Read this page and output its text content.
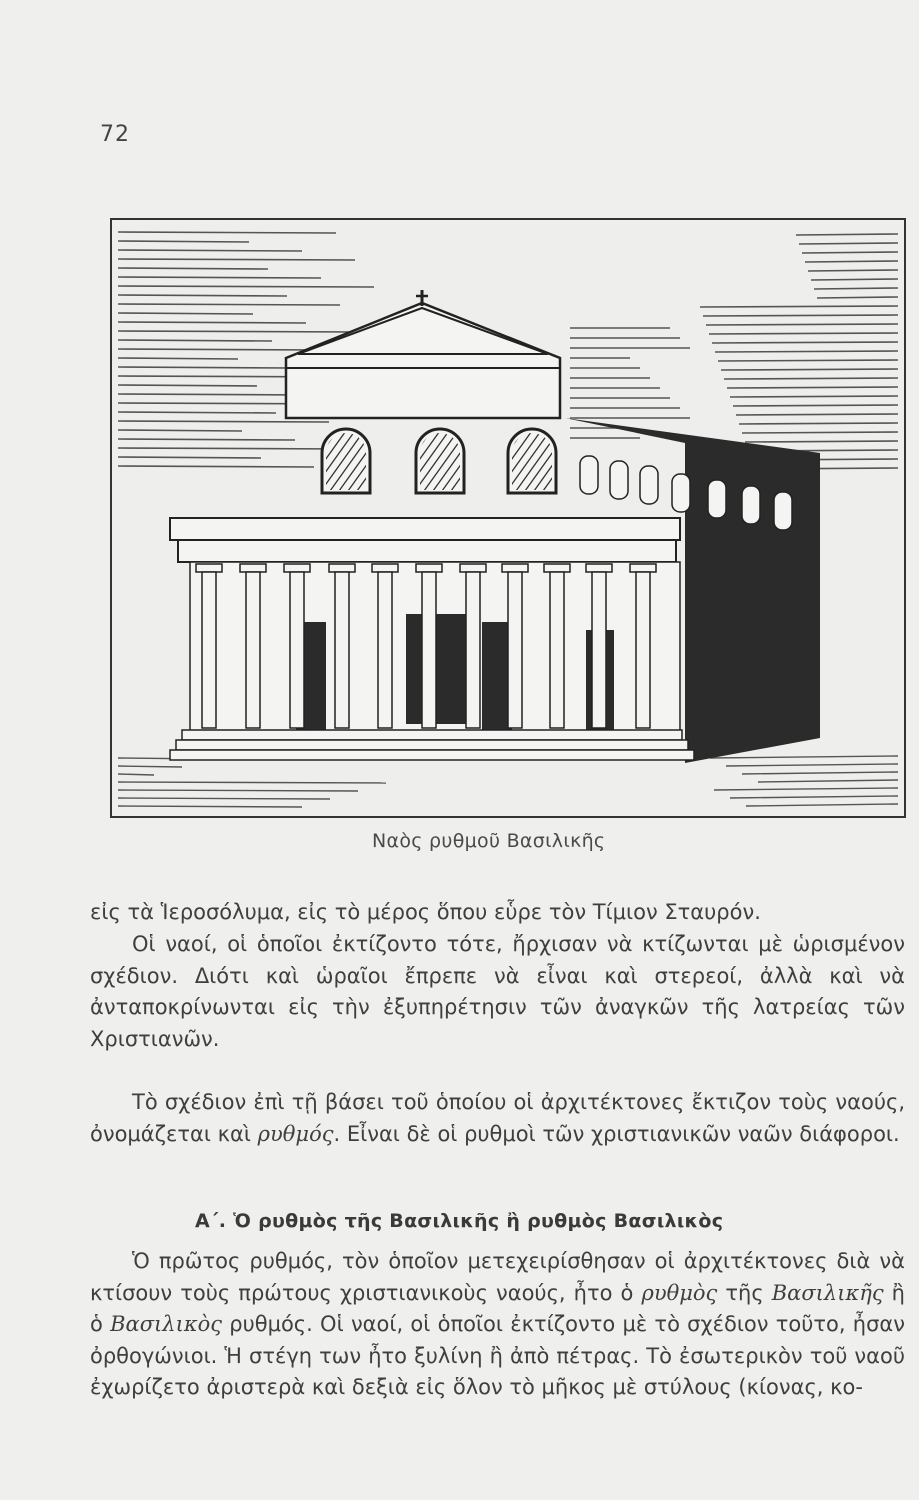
72
Ναὸς ρυθμοῦ Βασιλικῆς

εἰς τὰ Ἱεροσόλυμα, εἰς τὸ μέρος ὅπου εὗρε τὸν Τίμιον Σταυρόν.

Οἱ ναοί, οἱ ὁποῖοι ἐκτίζοντο τότε, ἤρχισαν νὰ κτίζωνται μὲ ὡρισμένον σχέδιον. Διότι καὶ ὡραῖοι ἔπρεπε νὰ εἶναι καὶ στερεοί, ἀλλὰ καὶ νὰ ἀνταποκρίνωνται εἰς τὴν ἐξυπηρέτησιν τῶν ἀναγκῶν τῆς λατρείας τῶν Χριστιανῶν.

Τὸ σχέδιον ἐπὶ τῇ βάσει τοῦ ὁποίου οἱ ἀρχιτέκτονες ἔκτιζον τοὺς ναούς, ὀνομάζεται καὶ ρυθμός. Εἶναι δὲ οἱ ρυθμοὶ τῶν χριστιανικῶν ναῶν διάφοροι.

Α΄. Ὁ ρυθμὸς τῆς Βασιλικῆς ἢ ρυθμὸς Βασιλικὸς

Ὁ πρῶτος ρυθμός, τὸν ὁποῖον μετεχειρίσθησαν οἱ ἀρχιτέκτονες διὰ νὰ κτίσουν τοὺς πρώτους χριστιανικοὺς ναούς, ἦτο ὁ ρυθμὸς τῆς Βασιλικῆς ἢ ὁ Βασιλικὸς ρυθμός. Οἱ ναοί, οἱ ὁποῖοι ἐκτίζοντο μὲ τὸ σχέδιον τοῦτο, ἦσαν ὀρθογώνιοι. Ἡ στέγη των ἦτο ξυλίνη ἢ ἀπὸ πέτρας. Τὸ ἐσωτερικὸν τοῦ ναοῦ ἐχωρίζετο ἀριστερὰ καὶ δεξιὰ εἰς ὅλον τὸ μῆκος μὲ στύλους (κίονας, κο-
